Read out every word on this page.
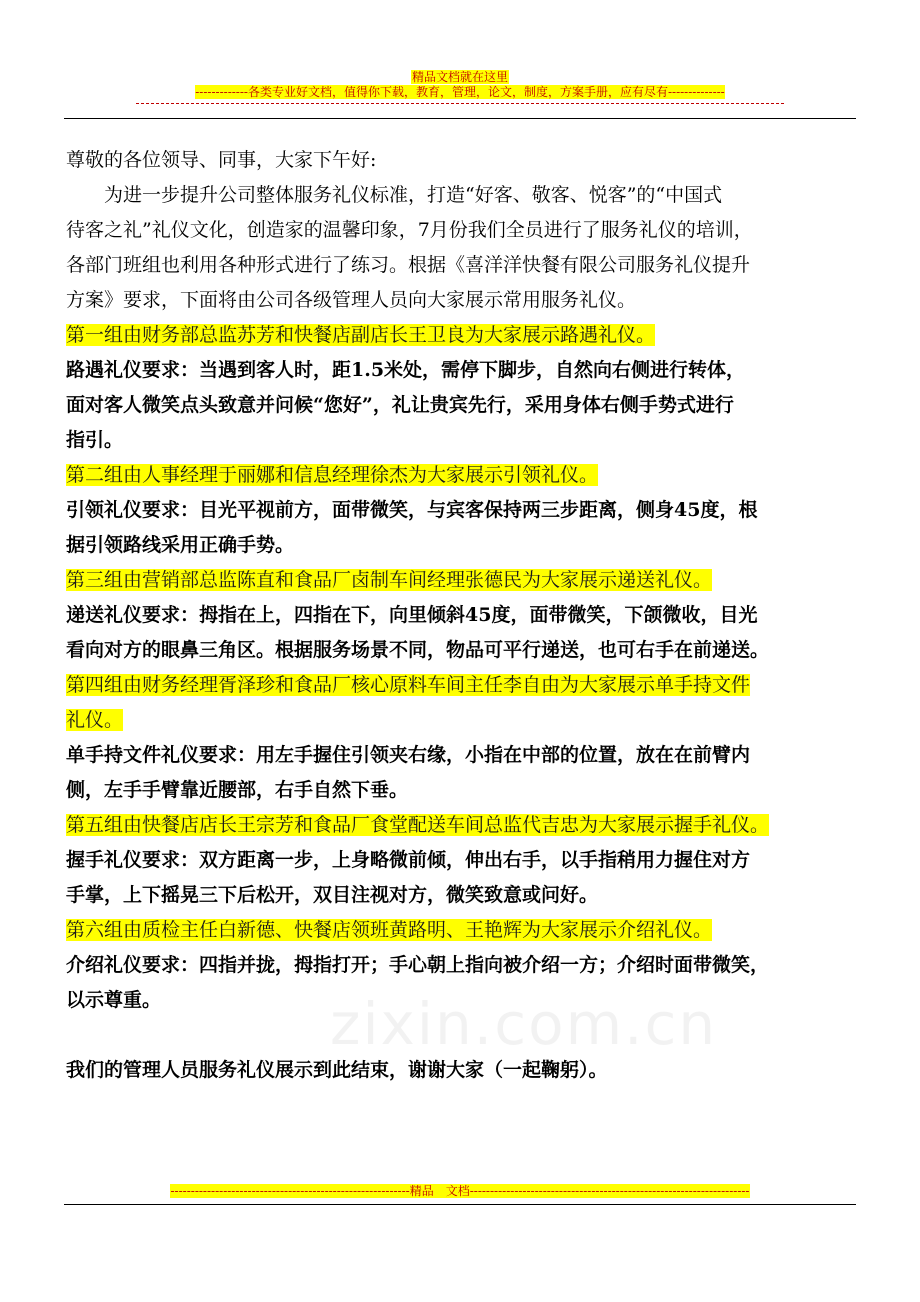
精品文档就在这里
-------------各类专业好文档，值得你下载，教育，管理，论文，制度，方案手册，应有尽有--------------
zixin.com.cn

尊敬的各位领导、同事，大家下午好:

为进一步提升公司整体服务礼仪标准，打造“好客、敬客、悦客”的“中国式

待客之礼”礼仪文化，创造家的温馨印象，7月份我们全员进行了服务礼仪的培训，

各部门班组也利用各种形式进行了练习。根据《喜洋洋快餐有限公司服务礼仪提升

方案》要求，下面将由公司各级管理人员向大家展示常用服务礼仪。

第一组由财务部总监苏芳和快餐店副店长王卫良为大家展示路遇礼仪。

路遇礼仪要求：当遇到客人时，距1.5米处，需停下脚步，自然向右侧进行转体，

面对客人微笑点头致意并问候“您好”，礼让贵宾先行，采用身体右侧手势式进行

指引。

第二组由人事经理于丽娜和信息经理徐杰为大家展示引领礼仪。

引领礼仪要求：目光平视前方，面带微笑，与宾客保持两三步距离，侧身45度，根

据引领路线采用正确手势。

第三组由营销部总监陈直和食品厂卤制车间经理张德民为大家展示递送礼仪。

递送礼仪要求：拇指在上，四指在下，向里倾斜45度，面带微笑，下颌微收，目光

看向对方的眼鼻三角区。根据服务场景不同，物品可平行递送，也可右手在前递送。

第四组由财务经理胥泽珍和食品厂核心原料车间主任李自由为大家展示单手持文件

礼仪。

单手持文件礼仪要求：用左手握住引领夹右缘，小指在中部的位置，放在在前臂内

侧，左手手臂靠近腰部，右手自然下垂。

第五组由快餐店店长王宗芳和食品厂食堂配送车间总监代吉忠为大家展示握手礼仪。

握手礼仪要求：双方距离一步，上身略微前倾，伸出右手，以手指稍用力握住对方

手掌，上下摇晃三下后松开，双目注视对方，微笑致意或问好。

第六组由质检主任白新德、快餐店领班黄路明、王艳辉为大家展示介绍礼仪。

介绍礼仪要求：四指并拢，拇指打开；手心朝上指向被介绍一方；介绍时面带微笑，

以示尊重。

我们的管理人员服务礼仪展示到此结束，谢谢大家（一起鞠躬）。

-----------------------------------------------------------精品　文档---------------------------------------------------------------------
